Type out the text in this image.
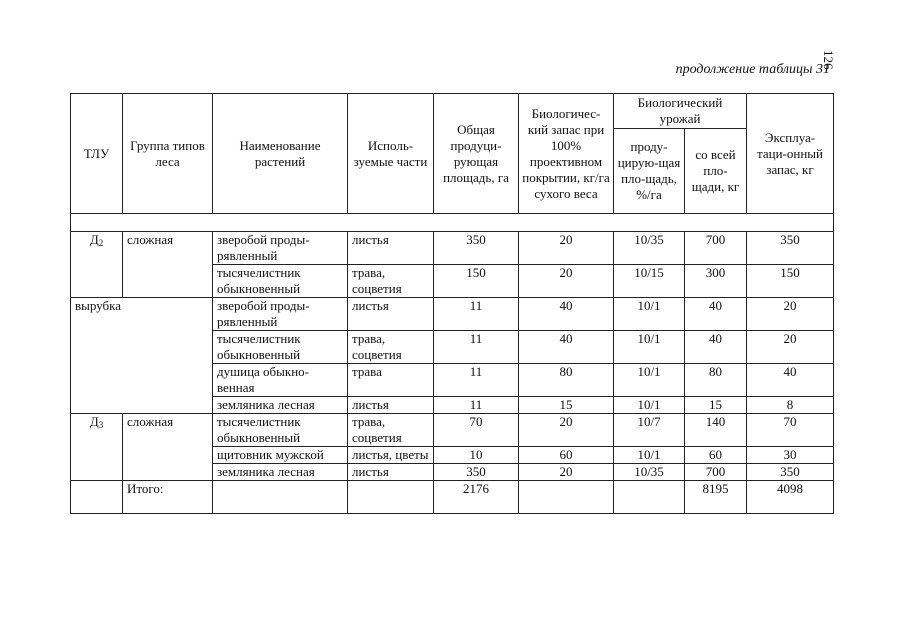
126
продолжение таблицы 31
ТЛУ	Группа типов леса	Наименование растений	Исполь-зуемые части	Общая продуци-рующая площадь, га	Биологичес-кий запас при 100% проективном покрытии, кг/га сухого веса	Биологический урожай		Эксплуа-таци-онный запас, кг
						проду-цирую-щая пло-щадь, %/га	со всей пло-щади, кг	

$Д_2$	сложная	зверобой проды-рявленный	листья	350	20	10/35	700	350
		тысячелистник обыкновенный	трава, соцветия	150	20	10/15	300	150
вырубка		зверобой проды-рявленный	листья	11	40	10/1	40	20
		тысячелистник обыкновенный	трава, соцветия	11	40	10/1	40	20
		душица обыкно-венная	трава	11	80	10/1	80	40
		земляника лесная	листья	11	15	10/1	15	8
$Д_3$	сложная	тысячелистник обыкновенный	трава, соцветия	70	20	10/7	140	70
		щитовник мужской	листья, цветы	10	60	10/1	60	30
		земляника лесная	листья	350	20	10/35	700	350
	Итого:			2176			8195	4098
